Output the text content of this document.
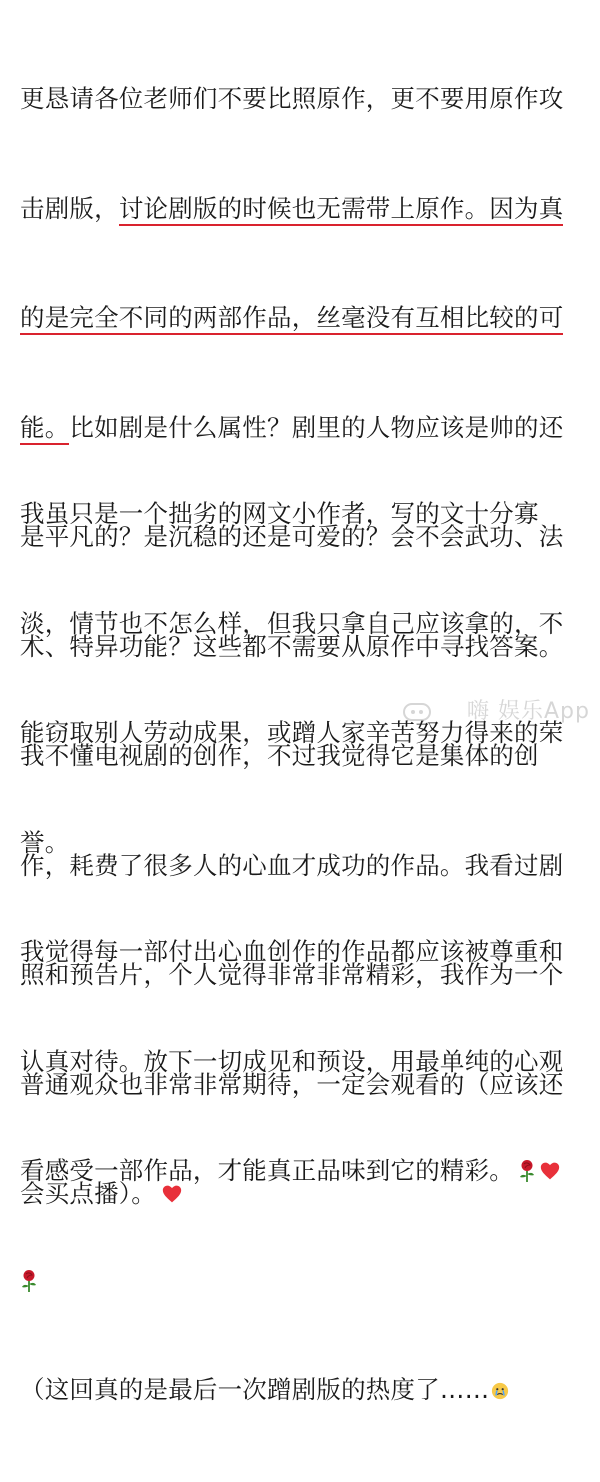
更恳请各位老师们不要比照原作，更不要用原作攻

击剧版，讨论剧版的时候也无需带上原作。因为真

的是完全不同的两部作品，丝毫没有互相比较的可

能。比如剧是什么属性？剧里的人物应该是帅的还

是平凡的？是沉稳的还是可爱的？会不会武功、法

术、特异功能？这些都不需要从原作中寻找答案。

我不懂电视剧的创作，不过我觉得它是集体的创

作，耗费了很多人的心血才成功的作品。我看过剧

照和预告片，个人觉得非常非常精彩，我作为一个

普通观众也非常非常期待，一定会观看的（应该还

会买点播）。

我虽只是一个拙劣的网文小作者，写的文十分寡

淡，情节也不怎么样，但我只拿自己应该拿的，不

能窃取别人劳动成果，或蹭人家辛苦努力得来的荣

誉。

我觉得每一部付出心血创作的作品都应该被尊重和

认真对待。放下一切成见和预设，用最单纯的心观

看感受一部作品，才能真正品味到它的精彩。

（这回真的是最后一次蹭剧版的热度了……

嗨 娱乐App
